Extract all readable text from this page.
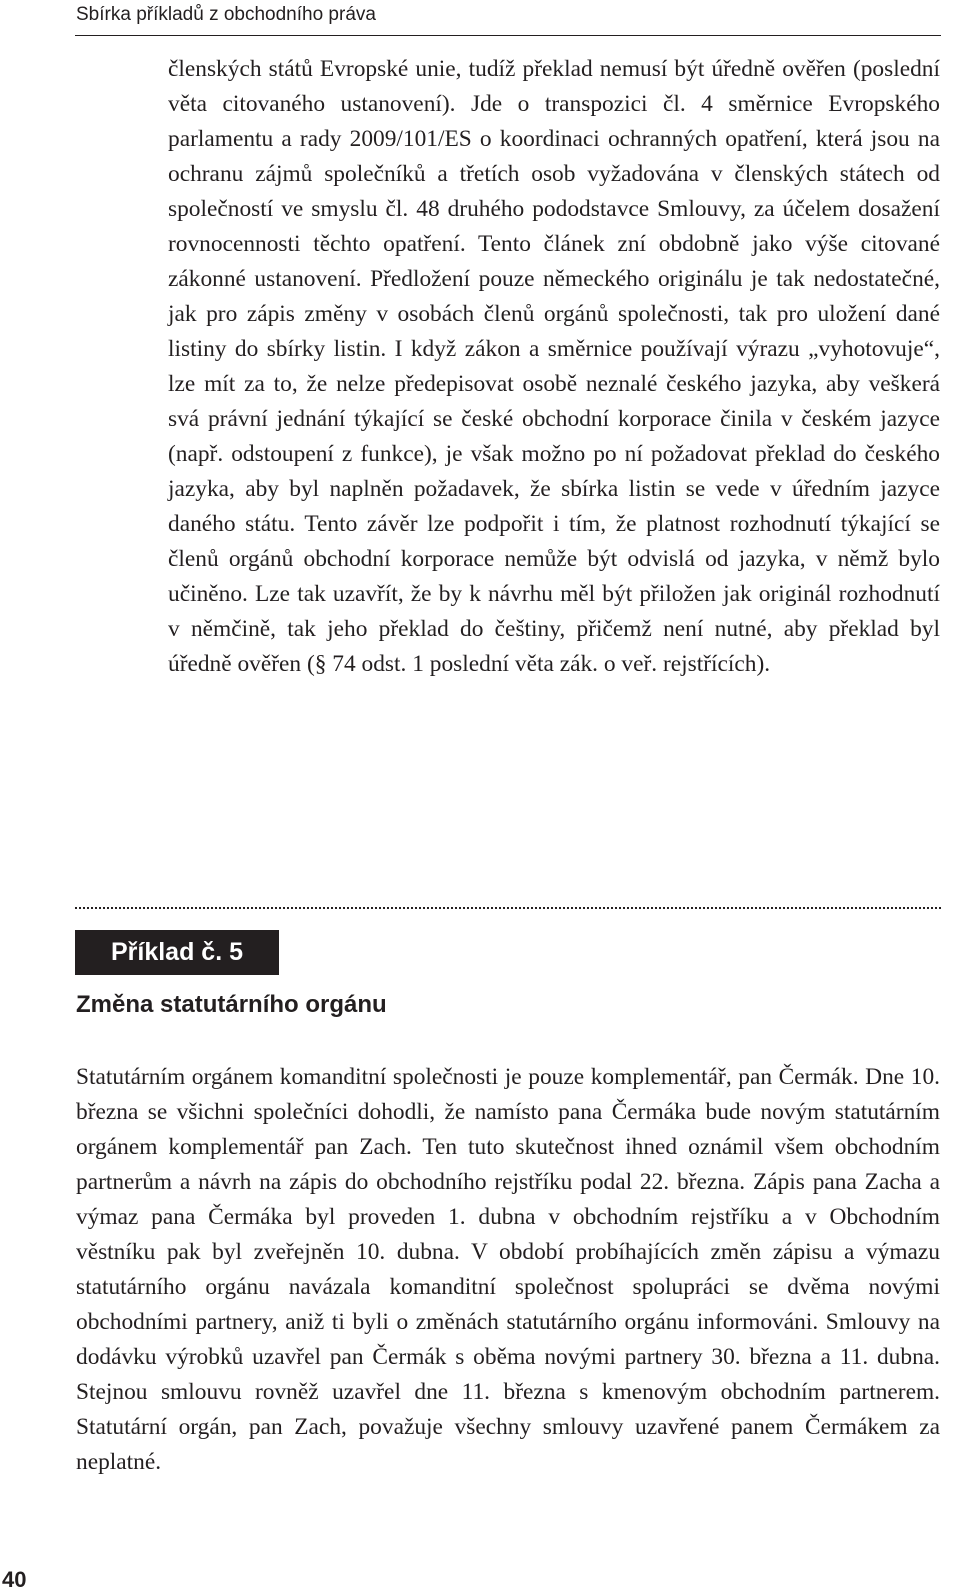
Sbírka příkladů z obchodního práva

členských států Evropské unie, tudíž překlad nemusí být úředně ověřen (poslední věta citovaného ustanovení). Jde o transpozici čl. 4 směrnice Evropského parlamentu a rady 2009/101/ES o koordinaci ochranných opatření, která jsou na ochranu zájmů společníků a třetích osob vyžadována v členských státech od společností ve smyslu čl. 48 druhého pododstavce Smlouvy, za účelem dosažení rovnocennosti těchto opatření. Tento článek zní obdobně jako výše citované zákonné ustanovení. Předložení pouze německého originálu je tak nedostatečné, jak pro zápis změny v osobách členů orgánů společnosti, tak pro uložení dané listiny do sbírky listin. I když zákon a směrnice používají výrazu „vyhotovuje“, lze mít za to, že nelze předepisovat osobě neznalé českého jazyka, aby veškerá svá právní jednání týkající se české obchodní korporace činila v českém jazyce (např. odstoupení z funkce), je však možno po ní požadovat překlad do českého jazyka, aby byl naplněn požadavek, že sbírka listin se vede v úředním jazyce daného státu. Tento závěr lze podpořit i tím, že platnost rozhodnutí týkající se členů orgánů obchodní korporace nemůže být odvislá od jazyka, v němž bylo učiněno. Lze tak uzavřít, že by k návrhu měl být přiložen jak originál rozhodnutí v němčině, tak jeho překlad do češtiny, přičemž není nutné, aby překlad byl úředně ověřen (§ 74 odst. 1 poslední věta zák. o veř. rejstřících).

Příklad č. 5
Změna statutárního orgánu

Statutárním orgánem komanditní společnosti je pouze komplementář, pan Čermák. Dne 10. března se všichni společníci dohodli, že namísto pana Čermáka bude novým statutárním orgánem komplementář pan Zach. Ten tuto skutečnost ihned oznámil všem obchodním partnerům a návrh na zápis do obchodního rejstříku podal 22. března. Zápis pana Zacha a výmaz pana Čermáka byl proveden 1. dubna v obchodním rejstříku a v Obchodním věstníku pak byl zveřejněn 10. dubna. V období probíhajících změn zápisu a výmazu statutárního orgánu navázala komanditní společnost spolupráci se dvěma novými obchodními partnery, aniž ti byli o změnách statutárního orgánu informováni. Smlouvy na dodávku výrobků uzavřel pan Čermák s oběma novými partnery 30. března a 11. dubna. Stejnou smlouvu rovněž uzavřel dne 11. března s kmenovým obchodním partnerem. Statutární orgán, pan Zach, považuje všechny smlouvy uzavřené panem Čermákem za neplatné.

40
